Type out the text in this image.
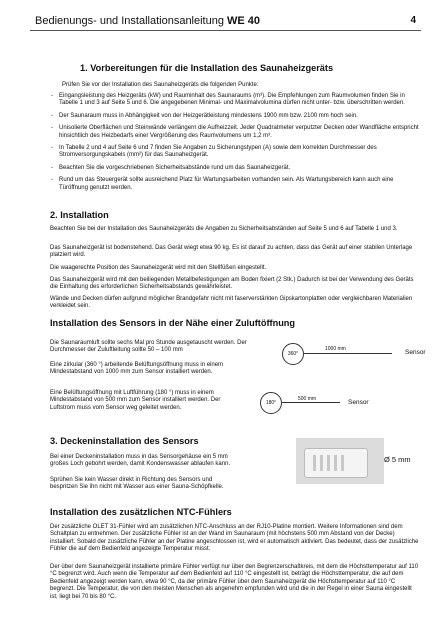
Bedienungs- und Installationsanleitung WE 40	4
1. Vorbereitungen für die Installation des Saunaheizgeräts
Prüfen Sie vor der Installation des Saunaheizgeräts die folgenden Punkte:
- Eingangsleistung des Heizgeräts (kW) und Rauminhalt des Saunaraums (m³). Die Empfehlungen zum Raumvolumen finden Sie in Tabelle 1 und 3 auf Seite 5 und 6. Die angegebenen Minimal- und Maximalvolumina dürfen nicht unter- bzw. überschritten werden.
- Der Saunaraum muss in Abhängigkeit von der Heizgerätleistung mindestens 1900 mm bzw. 2100 mm hoch sein.
- Unisolierte Oberflächen und Steinwände verlängern die Aufheizzeit. Jeder Quadratmeter verputzter Decken oder Wandfläche entspricht hinsichtlich des Heizbedarfs einer Vergrößerung des Raumvolumens um 1,2 m³.
- In Tabelle 2 und 4 auf Seite 6 und 7 finden Sie Angaben zu Sicherungstypen (A) sowie dem korrekten Durchmesser des Stromversorgungskabels (mm²) für das Saunaheizgerät.
- Beachten Sie die vorgeschriebenen Sicherheitsabstände rund um das Saunaheizgerät.
- Rund um das Steuergerät sollte ausreichend Platz für Wartungsarbeiten vorhanden sein. Als Wartungsbereich kann auch eine Türöffnung genutzt werden.
2. Installation
Beachten Sie bei der Installation des Saunaheizgeräts die Angaben zu Sicherheitsabständen auf Seite 5 und 6 auf Tabelle 1 und 3.
Das Saunaheizgerät ist bodenstehend. Das Gerät wiegt etwa 90 kg. Es ist darauf zu achten, dass das Gerät auf einer stabilen Unterlage platziert wird.
Die waagerechte Position des Saunaheizgerät wird mit den Stellfüßen eingestellt.
Das Saunaheizgerät wird mit den beiliegenden Metallbefestigungen am Boden fixiert (2 Stk.) Dadurch ist bei der Verwendung des Geräts die Einhaltung des erforderlichen Sicherheitsabstands gewährleistet.
Wände und Decken dürfen aufgrund möglicher Brandgefahr nicht mit faserverstärkten Gipskartonplatten oder vergleichbaren Materialien verkleidet sein.
Installation des Sensors in der Nähe einer Zuluftöffnung
Die Saunaraumluft sollte sechs Mal pro Stunde ausgetauscht werden. Der Durchmesser der Zuluftleitung sollte 50 – 100 mm
Eine zirkular (360 °) arbeitende Belüftungsöffnung muss in einem Mindestabstand von 1000 mm zum Sensor installiert werden.
Eine Belüftungsöffnung mit Luftführung (180 °) muss in einem Mindestabstand von 500 mm zum Sensor installiert werden. Der Luftstrom muss vom Sensor weg geleitet werden.
360°
1000 mm	Sensor
180°
500 mm	Sensor
3. Deckeninstallation des Sensors
Bei einer Deckeninstallation muss in das Sensorgehäuse ein 5 mm großes Loch gebohrt werden, damit Kondenswasser ablaufen kann.
Sprühen Sie kein Wasser direkt in Richtung des Sensors und bespritzen Sie ihn nicht mit Wasser aus einer Sauna-Schöpfkelle.
Ø 5 mm
Installation des zusätzlichen NTC-Fühlers
Der zusätzliche OLET 31-Fühler wird am zusätzlichen NTC-Anschluss an der RJ10-Platine montiert. Weitere Informationen sind dem Schaltplan zu entnehmen. Der zusätzliche Fühler ist an der Wand im Saunaraum (mit höchstens 500 mm Abstand von der Decke) installiert. Sobald der zusätzliche Fühler an der Platine angeschlossen ist, wird er automatisch aktiviert. Das bedeutet, dass der zusätzliche Fühler die auf dem Bedienfeld angezeigte Temperatur misst.
Der über dem Saunaheizgerät installierte primäre Fühler verfügt nur über den Begrenzerschaltkreis, mit dem die Höchsttemperatur auf 110 °C begrenzt wird. Auch wenn die Temperatur auf dem Bedienfeld auf 110 °C eingestellt ist, beträgt die Höchsttemperatur, die auf dem Bedienfeld angezeigt werden kann, etwa 90 °C, da der primäre Fühler über dem Saunaheizgerät die Höchsttemperatur auf 110 °C begrenzt. Die Temperatur, die von den meisten Menschen als angenehm empfunden wird und die in der Regel in einer Sauna eingestellt ist, liegt bei 70 bis 80 °C.
